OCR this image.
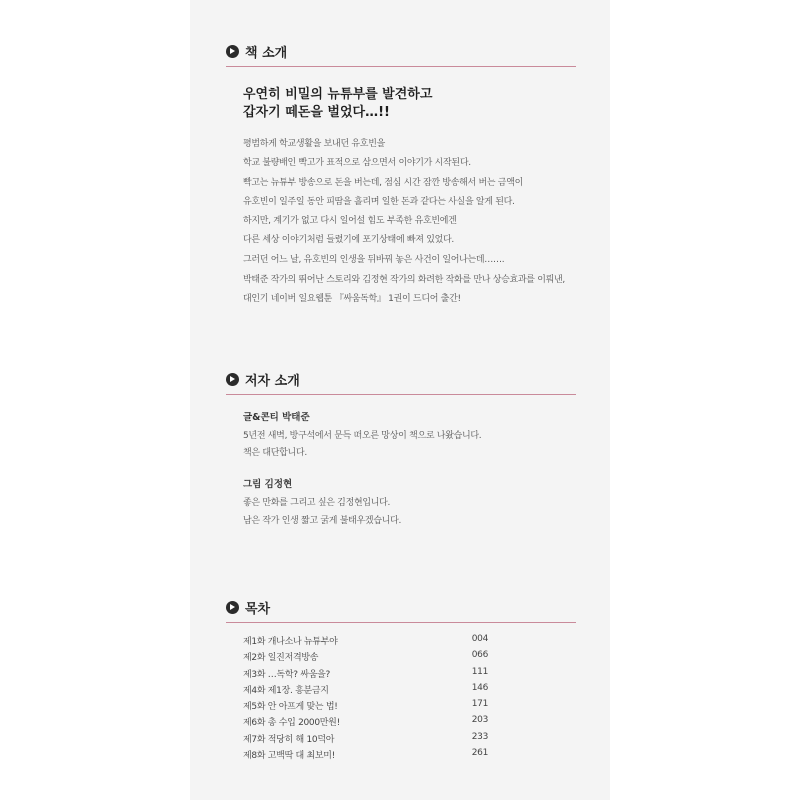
책 소개
우연히 비밀의 뉴튜부를 발견하고
갑자기 떼돈을 벌었다…!!
평범하게 학교생활을 보내던 유호빈을
학교 불량배인 빡고가 표적으로 삼으면서 이야기가 시작된다.
빡고는 뉴튜부 방송으로 돈을 버는데, 점심 시간 잠깐 방송해서 버는 금액이
유호빈이 일주일 동안 피땀을 흘리며 일한 돈과 같다는 사실을 알게 된다.
하지만, 계기가 없고 다시 일어설 힘도 부족한 유호빈에겐
다른 세상 이야기처럼 들렸기에 포기상태에 빠져 있었다.
그러던 어느 날, 유호빈의 인생을 뒤바꿔 놓은 사건이 일어나는데…….
박태준 작가의 뛰어난 스토리와 김정현 작가의 화려한 작화를 만나 상승효과를 이뤄낸,
대인기 네이버 일요웹툰 『싸움독학』 1권이 드디어 출간!
저자 소개
글&콘티 박태준
5년전 새벽, 방구석에서 문득 떠오른 망상이 책으로 나왔습니다.
책은 대단합니다.
그림 김정현
좋은 만화를 그리고 싶은 김정현입니다.
남은 작가 인생 짧고 굵게 불태우겠습니다.
목차
제1화 개나소나 뉴튜부야	004
제2화 일진저격방송	066
제3화 …독학? 싸움을?	111
제4화 제1장. 흥분금지	146
제5화 안 아프게 맞는 법!	171
제6화 총 수입 2000만원!	203
제7화 적당히 해 10덕아	233
제8화 고백딱 대 최보미!	261
